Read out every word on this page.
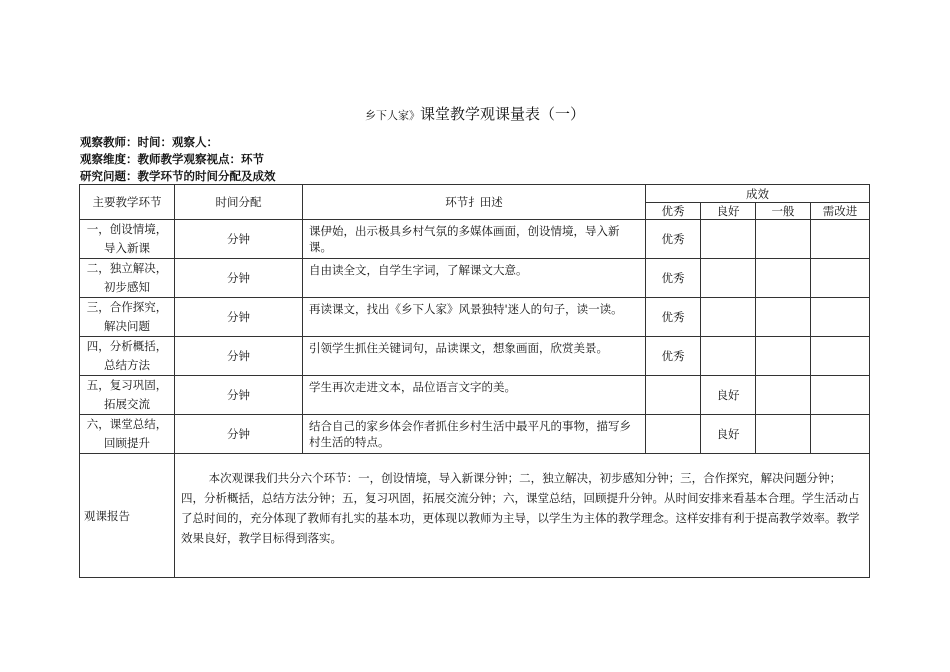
乡下人家》课堂教学观课量表（一）
观察教师：时间：观察人：
观察维度：教师教学观察视点：环节
研究问题：教学环节的时间分配及成效
主要教学环节	时间分配	环节扌田述	成效			
			优秀	良好	一般	需改进
一，创设情境，导入新课	分钟	课伊始，出示极具乡村气氛的多媒体画面，创设情境，导入新课。	优秀			
二，独立解决，初步感知	分钟	自由读全文，自学生字词，了解课文大意。	优秀			
三，合作探究，解决问题	分钟	再读课文，找出《乡下人家》风景独特'迷人的句子，读一读。	优秀			
四，分析概括，总结方法	分钟	引领学生抓住关键词句，品读课文，想象画面，欣赏美景。	优秀			
五，复习巩固，拓展交流	分钟	学生再次走进文本，品位语言文字的美。		良好		
六，课堂总结，回顾提升	分钟	结合自己的家乡体会作者抓住乡村生活中最平凡的事物，描写乡村生活的特点。		良好		
观课报告	本次观课我们共分六个环节：一，创设情境，导入新课分钟；二，独立解决，初步感知分钟；三，合作探究，解决问题分钟；四，分析概括，总结方法分钟；五，复习巩固，拓展交流分钟；六，课堂总结，回顾提升分钟。从时间安排来看基本合理。学生活动占了总时间的，充分体现了教师有扎实的基本功，更体现以教师为主导，以学生为主体的教学理念。这样安排有利于提高教学效率。教学效果良好，教学目标得到落实。					
